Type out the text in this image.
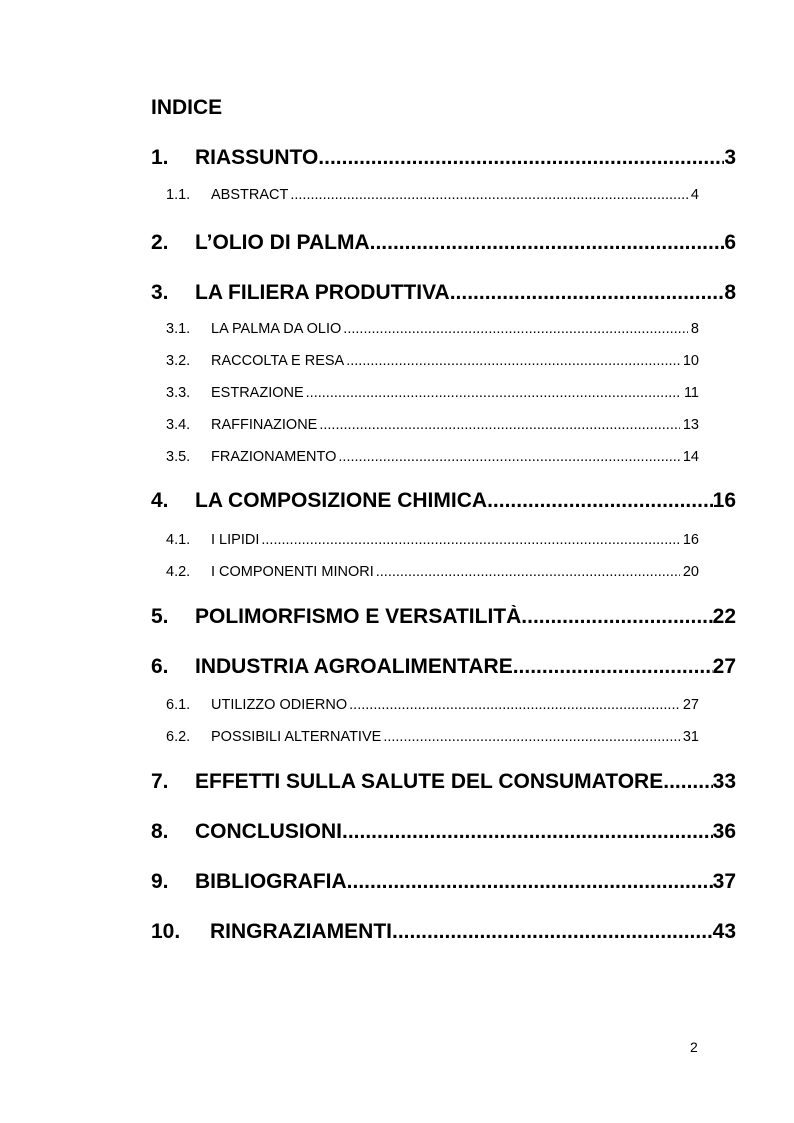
INDICE
1.	RIASSUNTO .....	3
1.1.	ABSTRACT .....	4
2.	L’OLIO DI PALMA .....	6
3.	LA FILIERA PRODUTTIVA .....	8
3.1.	LA PALMA DA OLIO .....	8
3.2.	RACCOLTA E RESA .....	10
3.3.	ESTRAZIONE .....	11
3.4.	RAFFINAZIONE .....	13
3.5.	FRAZIONAMENTO .....	14
4.	LA COMPOSIZIONE CHIMICA .....	16
4.1.	I LIPIDI .....	16
4.2.	I COMPONENTI MINORI .....	20
5.	POLIMORFISMO E VERSATILITÀ .....	22
6.	INDUSTRIA AGROALIMENTARE .....	27
6.1.	UTILIZZO ODIERNO .....	27
6.2.	POSSIBILI ALTERNATIVE .....	31
7.	EFFETTI SULLA SALUTE DEL CONSUMATORE ..... 33
8.	CONCLUSIONI .....	36
9.	BIBLIOGRAFIA .....	37
10.	RINGRAZIAMENTI .....	43
2
